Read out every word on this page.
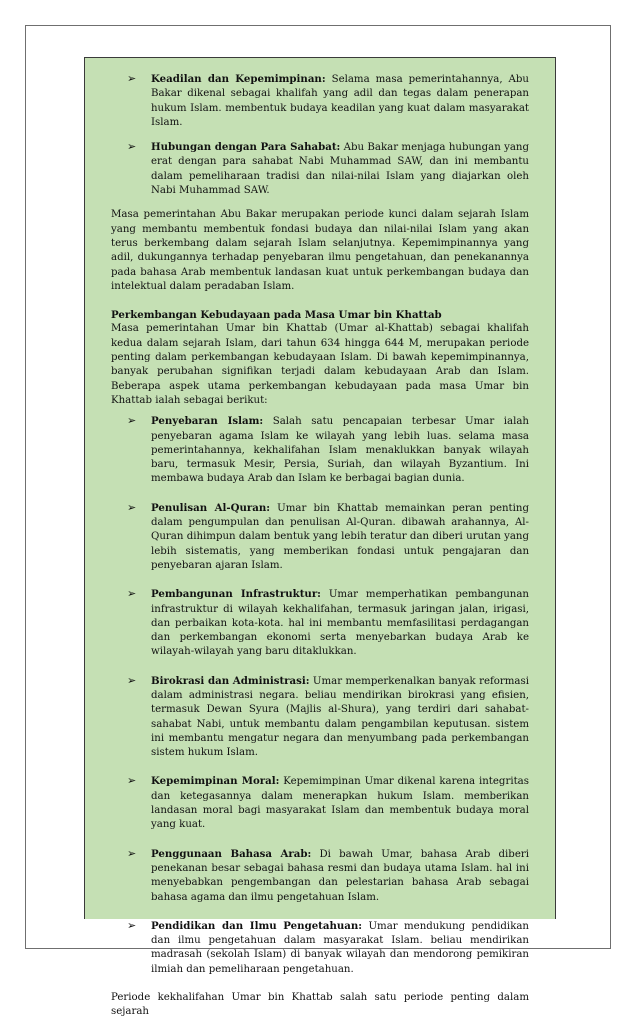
➢ Keadilan dan Kepemimpinan: Selama masa pemerintahannya, Abu Bakar dikenal sebagai khalifah yang adil dan tegas dalam penerapan hukum Islam. membentuk budaya keadilan yang kuat dalam masyarakat Islam.
➢ Hubungan dengan Para Sahabat: Abu Bakar menjaga hubungan yang erat dengan para sahabat Nabi Muhammad SAW, dan ini membantu dalam pemeliharaan tradisi dan nilai-nilai Islam yang diajarkan oleh Nabi Muhammad SAW.

Masa pemerintahan Abu Bakar merupakan periode kunci dalam sejarah Islam yang membantu membentuk fondasi budaya dan nilai-nilai Islam yang akan terus berkembang dalam sejarah Islam selanjutnya. Kepemimpinannya yang adil, dukungannya terhadap penyebaran ilmu pengetahuan, dan penekanannya pada bahasa Arab membentuk landasan kuat untuk perkembangan budaya dan intelektual dalam peradaban Islam.

Perkembangan Kebudayaan pada Masa Umar bin Khattab

Masa pemerintahan Umar bin Khattab (Umar al-Khattab) sebagai khalifah kedua dalam sejarah Islam, dari tahun 634 hingga 644 M, merupakan periode penting dalam perkembangan kebudayaan Islam. Di bawah kepemimpinannya, banyak perubahan signifikan terjadi dalam kebudayaan Arab dan Islam. Beberapa aspek utama perkembangan kebudayaan pada masa Umar bin Khattab ialah sebagai berikut:

➢ Penyebaran Islam: Salah satu pencapaian terbesar Umar ialah penyebaran agama Islam ke wilayah yang lebih luas. selama masa pemerintahannya, kekhalifahan Islam menaklukkan banyak wilayah baru, termasuk Mesir, Persia, Suriah, dan wilayah Byzantium. Ini membawa budaya Arab dan Islam ke berbagai bagian dunia.
➢ Penulisan Al-Quran: Umar bin Khattab memainkan peran penting dalam pengumpulan dan penulisan Al-Quran. dibawah arahannya, Al-Quran dihimpun dalam bentuk yang lebih teratur dan diberi urutan yang lebih sistematis, yang memberikan fondasi untuk pengajaran dan penyebaran ajaran Islam.
➢ Pembangunan Infrastruktur: Umar memperhatikan pembangunan infrastruktur di wilayah kekhalifahan, termasuk jaringan jalan, irigasi, dan perbaikan kota-kota. hal ini membantu memfasilitasi perdagangan dan perkembangan ekonomi serta menyebarkan budaya Arab ke wilayah-wilayah yang baru ditaklukkan.
➢ Birokrasi dan Administrasi: Umar memperkenalkan banyak reformasi dalam administrasi negara. beliau mendirikan birokrasi yang efisien, termasuk Dewan Syura (Majlis al-Shura), yang terdiri dari sahabat-sahabat Nabi, untuk membantu dalam pengambilan keputusan. sistem ini membantu mengatur negara dan menyumbang pada perkembangan sistem hukum Islam.
➢ Kepemimpinan Moral: Kepemimpinan Umar dikenal karena integritas dan ketegasannya dalam menerapkan hukum Islam. memberikan landasan moral bagi masyarakat Islam dan membentuk budaya moral yang kuat.
➢ Penggunaan Bahasa Arab: Di bawah Umar, bahasa Arab diberi penekanan besar sebagai bahasa resmi dan budaya utama Islam. hal ini menyebabkan pengembangan dan pelestarian bahasa Arab sebagai bahasa agama dan ilmu pengetahuan Islam.
➢ Pendidikan dan Ilmu Pengetahuan: Umar mendukung pendidikan dan ilmu pengetahuan dalam masyarakat Islam. beliau mendirikan madrasah (sekolah Islam) di banyak wilayah dan mendorong pemikiran ilmiah dan pemeliharaan pengetahuan.

Periode kekhalifahan Umar bin Khattab salah satu periode penting dalam sejarah
